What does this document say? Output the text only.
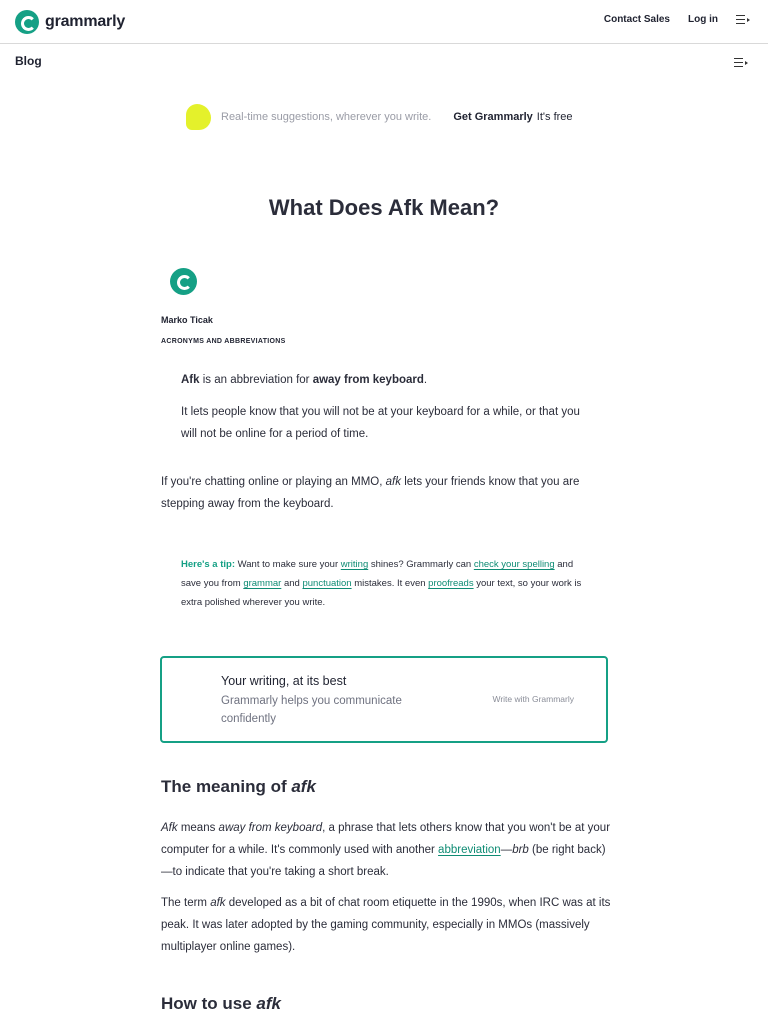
grammarly	Contact Sales Log in
Blog
Real-time suggestions, wherever you write. Get Grammarly It's free
What Does Afk Mean?
Marko Ticak
ACRONYMS AND ABBREVIATIONS

Afk is an abbreviation for away from keyboard.

It lets people know that you will not be at your keyboard for a while, or that you will not be online for a period of time.

If you're chatting online or playing an MMO, afk lets your friends know that you are stepping away from the keyboard.

Here's a tip: Want to make sure your writing shines? Grammarly can check your spelling and save you from grammar and punctuation mistakes. It even proofreads your text, so your work is extra polished wherever you write.

Your writing, at its best
Grammarly helps you communicate confidently
Write with Grammarly
The meaning of afk

Afk means away from keyboard, a phrase that lets others know that you won't be at your computer for a while. It's commonly used with another abbreviation—brb (be right back)—to indicate that you're taking a short break.

The term afk developed as a bit of chat room etiquette in the 1990s, when IRC was at its peak. It was later adopted by the gaming community, especially in MMOs (massively multiplayer online games).

How to use afk
